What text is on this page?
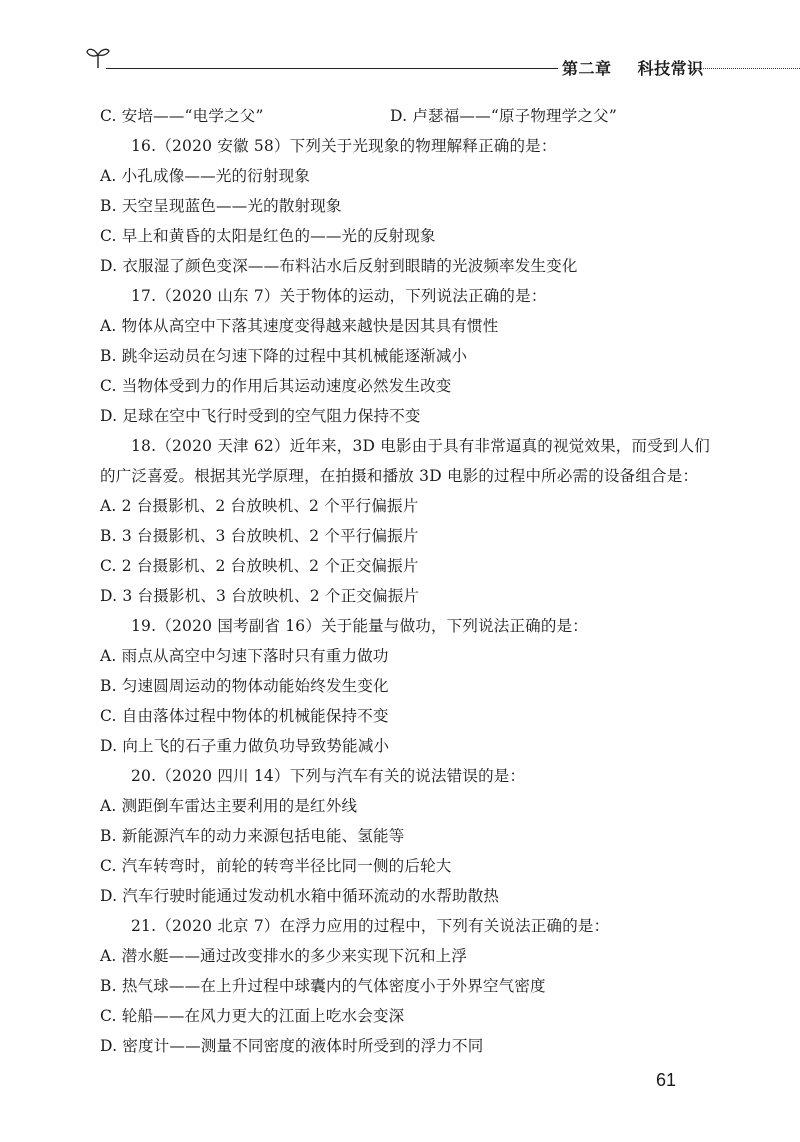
第二章 科技常识
C. 安培——“电学之父”	D. 卢瑟福——“原子物理学之父”
16.（2020 安徽 58）下列关于光现象的物理解释正确的是：
A. 小孔成像——光的衍射现象
B. 天空呈现蓝色——光的散射现象
C. 早上和黄昏的太阳是红色的——光的反射现象
D. 衣服湿了颜色变深——布料沾水后反射到眼睛的光波频率发生变化
17.（2020 山东 7）关于物体的运动，下列说法正确的是：
A. 物体从高空中下落其速度变得越来越快是因其具有惯性
B. 跳伞运动员在匀速下降的过程中其机械能逐渐减小
C. 当物体受到力的作用后其运动速度必然发生改变
D. 足球在空中飞行时受到的空气阻力保持不变
18.（2020 天津 62）近年来，3D 电影由于具有非常逼真的视觉效果，而受到人们
的广泛喜爱。根据其光学原理，在拍摄和播放 3D 电影的过程中所必需的设备组合是：
A. 2 台摄影机、2 台放映机、2 个平行偏振片
B. 3 台摄影机、3 台放映机、2 个平行偏振片
C. 2 台摄影机、2 台放映机、2 个正交偏振片
D. 3 台摄影机、3 台放映机、2 个正交偏振片
19.（2020 国考副省 16）关于能量与做功，下列说法正确的是：
A. 雨点从高空中匀速下落时只有重力做功
B. 匀速圆周运动的物体动能始终发生变化
C. 自由落体过程中物体的机械能保持不变
D. 向上飞的石子重力做负功导致势能减小
20.（2020 四川 14）下列与汽车有关的说法错误的是：
A. 测距倒车雷达主要利用的是红外线
B. 新能源汽车的动力来源包括电能、氢能等
C. 汽车转弯时，前轮的转弯半径比同一侧的后轮大
D. 汽车行驶时能通过发动机水箱中循环流动的水帮助散热
21.（2020 北京 7）在浮力应用的过程中，下列有关说法正确的是：
A. 潜水艇——通过改变排水的多少来实现下沉和上浮
B. 热气球——在上升过程中球囊内的气体密度小于外界空气密度
C. 轮船——在风力更大的江面上吃水会变深
D. 密度计——测量不同密度的液体时所受到的浮力不同
61
